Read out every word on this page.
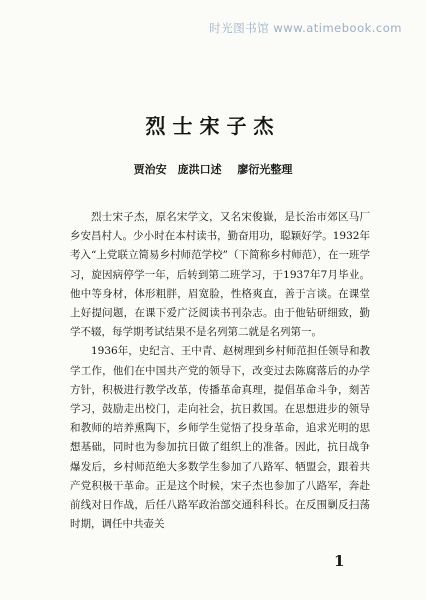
时光图书馆 www.atimebook.com
烈士宋子杰
贾治安　庞洪口述 廖衍光整理

烈士宋子杰，原名宋学文，又名宋俊嶽，是长治市郊区马厂乡安昌村人。少小时在本村读书，勤奋用功，聪颖好学。1932年考入“上党联立简易乡村师范学校”（下简称乡村师范），在一班学习，旋因病停学一年，后转到第二班学习，于1937年7月毕业。他中等身材，体形粗胖，眉宽脸，性格爽直，善于言谈。在课堂上好提问题，在课下爱广泛阅读书刊杂志。由于他钻研细致，勤学不辍，每学期考试结果不是名列第二就是名列第一。

1936年，史纪言、王中青、赵树理到乡村师范担任领导和教学工作，他们在中国共产党的领导下，改变过去陈腐落后的办学方针，积极进行教学改革，传播革命真理，提倡革命斗争，刻苦学习，鼓励走出校门，走向社会，抗日救国。在思想进步的领导和教师的培养熏陶下，乡师学生觉悟了投身革命，追求光明的思想基础，同时也为参加抗日做了组织上的准备。因此，抗日战争爆发后，乡村师范绝大多数学生参加了八路军、牺盟会，跟着共产党积极干革命。正是这个时候，宋子杰也参加了八路军，奔赴前线对日作战，后任八路军政治部交通科科长。在反围剿反扫荡时期，调任中共壶关

1
